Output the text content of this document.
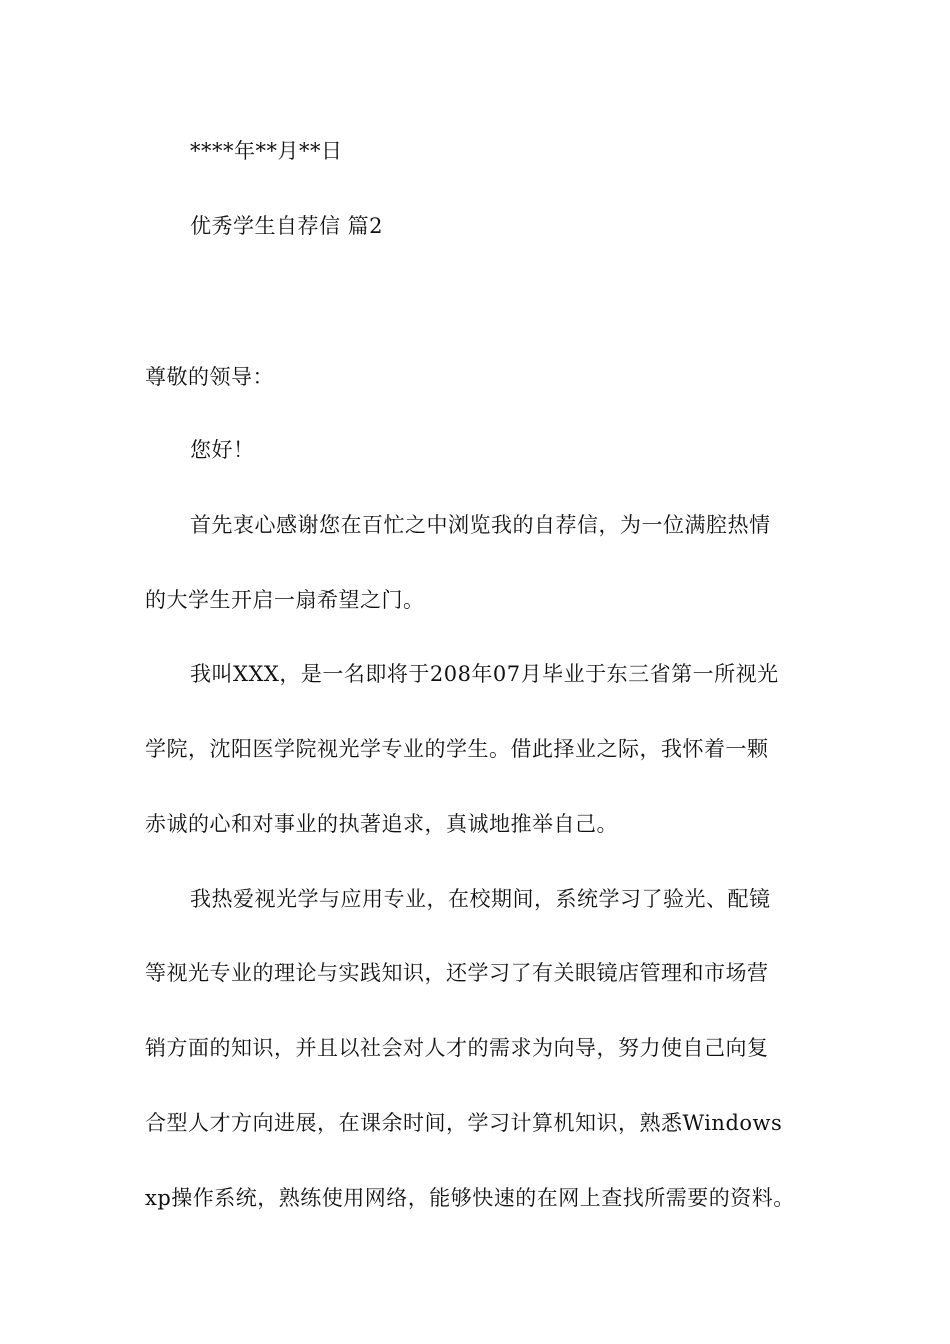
****年**月**日
优秀学生自荐信 篇2
尊敬的领导：
您好！
首先衷心感谢您在百忙之中浏览我的自荐信，为一位满腔热情
的大学生开启一扇希望之门。
我叫XXX，是一名即将于208年07月毕业于东三省第一所视光
学院，沈阳医学院视光学专业的学生。借此择业之际，我怀着一颗
赤诚的心和对事业的执著追求，真诚地推举自己。
我热爱视光学与应用专业，在校期间，系统学习了验光、配镜
等视光专业的理论与实践知识，还学习了有关眼镜店管理和市场营
销方面的知识，并且以社会对人才的需求为向导，努力使自己向复
合型人才方向进展，在课余时间，学习计算机知识，熟悉Windows
xp操作系统，熟练使用网络，能够快速的在网上查找所需要的资料。
